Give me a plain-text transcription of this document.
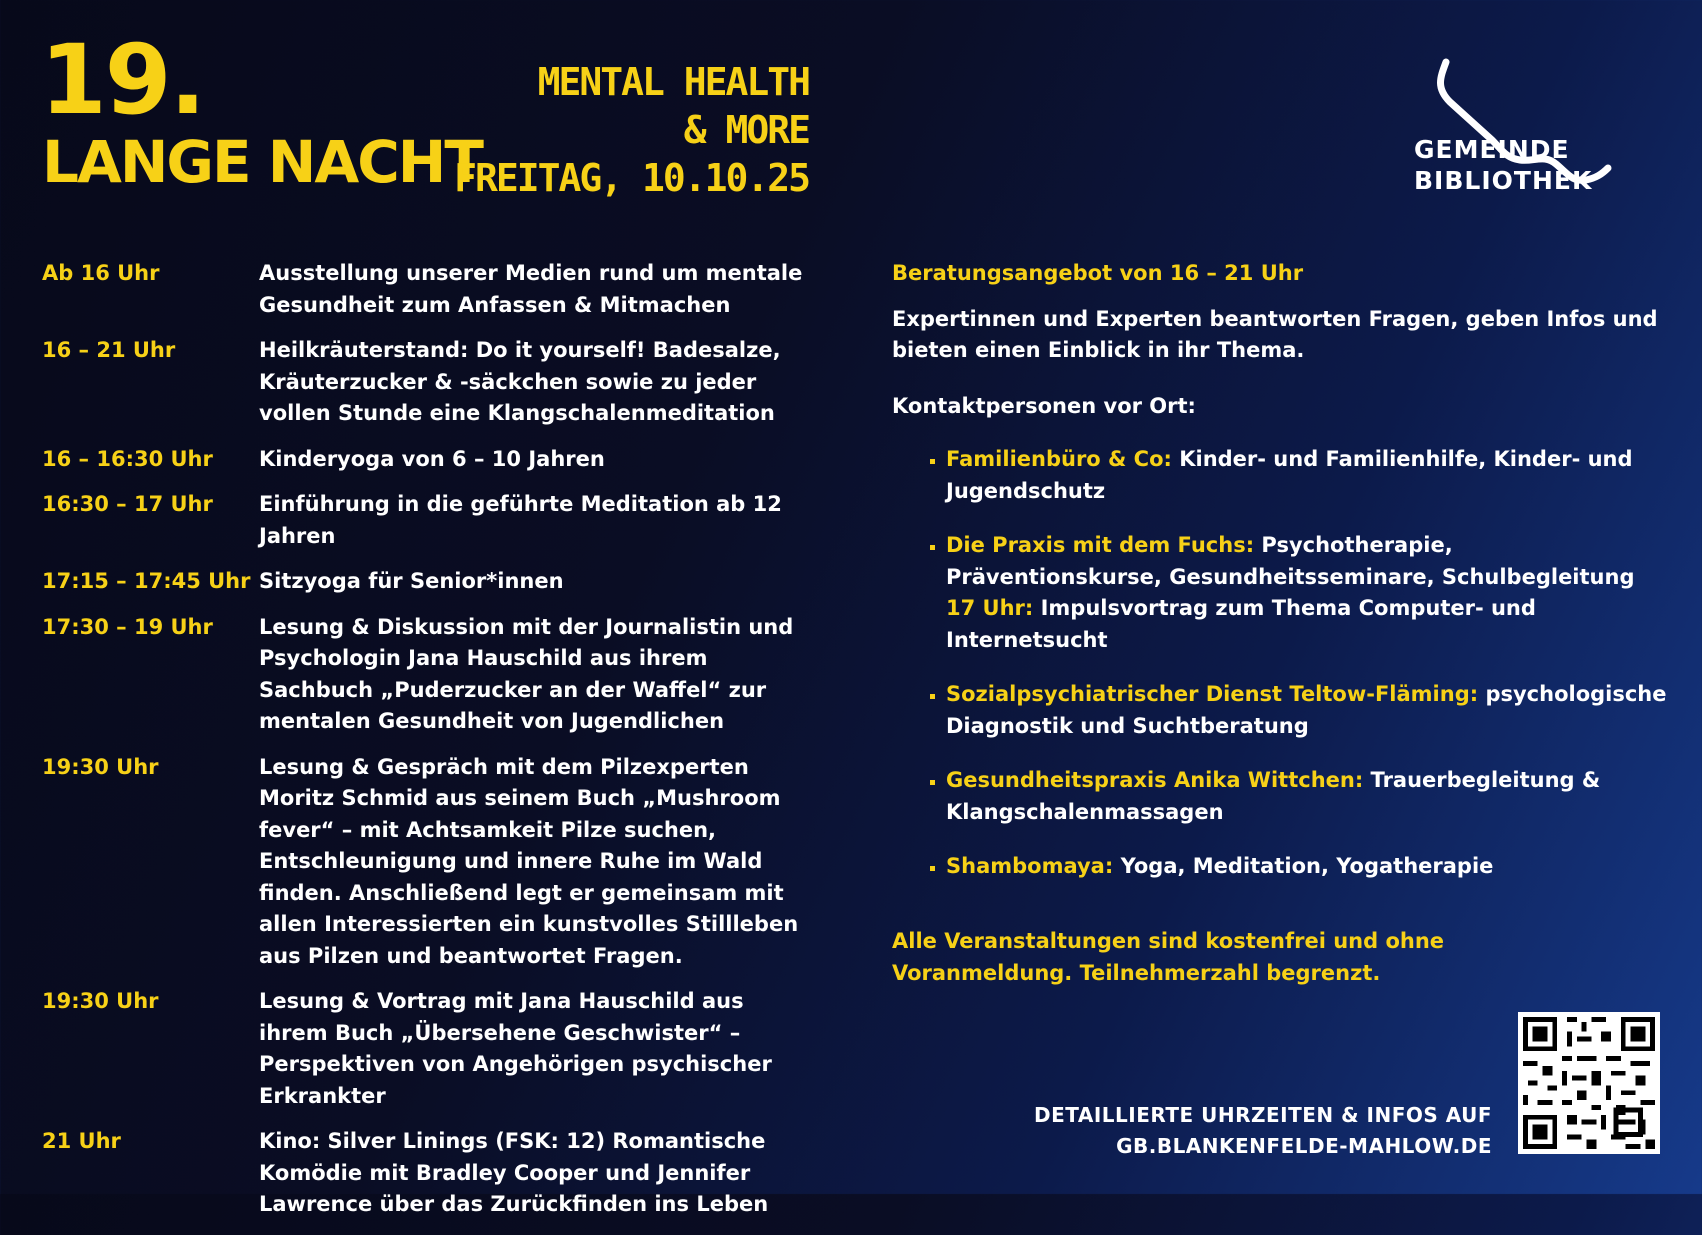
19.
LANGE NACHT
MENTAL HEALTH
& MORE
FREITAG, 10.10.25
GEMEINDE
BIBLIOTHEK
Ab 16 Uhr	Ausstellung unserer Medien rund um mentale Gesundheit zum Anfassen & Mitmachen
16 – 21 Uhr	Heilkräuterstand: Do it yourself! Badesalze, Kräuterzucker & -säckchen sowie zu jeder vollen Stunde eine Klangschalenmeditation
16 – 16:30 Uhr	Kinderyoga von 6 – 10 Jahren
16:30 – 17 Uhr	Einführung in die geführte Meditation ab 12 Jahren
17:15 – 17:45 Uhr Sitzyoga für Senior*innen
17:30 – 19 Uhr	Lesung & Diskussion mit der Journalistin und Psychologin Jana Hauschild aus ihrem Sachbuch „Puderzucker an der Waffel“ zur mentalen Gesundheit von Jugendlichen
19:30 Uhr	Lesung & Gespräch mit dem Pilzexperten Moritz Schmid aus seinem Buch „Mushroom fever“ – mit Achtsamkeit Pilze suchen, Entschleunigung und innere Ruhe im Wald finden. Anschließend legt er gemeinsam mit allen Interessierten ein kunstvolles Stillleben aus Pilzen und beantwortet Fragen.
19:30 Uhr	Lesung & Vortrag mit Jana Hauschild aus ihrem Buch „Übersehene Geschwister“ – Perspektiven von Angehörigen psychischer Erkrankter
21 Uhr	Kino: Silver Linings (FSK: 12) Romantische Komödie mit Bradley Cooper und Jennifer Lawrence über das Zurückfinden ins Leben

Beratungsangebot von 16 – 21 Uhr

Expertinnen und Experten beantworten Fragen, geben Infos und bieten einen Einblick in ihr Thema.

Kontaktpersonen vor Ort:

Familienbüro & Co: Kinder- und Familienhilfe, Kinder- und Jugendschutz
Die Praxis mit dem Fuchs: Psychotherapie, Präventionskurse, Gesundheitsseminare, Schulbegleitung
17 Uhr: Impulsvortrag zum Thema Computer- und Internetsucht
Sozialpsychiatrischer Dienst Teltow-Fläming: psychologische Diagnostik und Suchtberatung
Gesundheitspraxis Anika Wittchen: Trauerbegleitung & Klangschalenmassagen
Shambomaya: Yoga, Meditation, Yogatherapie

Alle Veranstaltungen sind kostenfrei und ohne Voranmeldung. Teilnehmerzahl begrenzt.

DETAILLIERTE UHRZEITEN & INFOS AUF
GB.BLANKENFELDE-MAHLOW.DE
